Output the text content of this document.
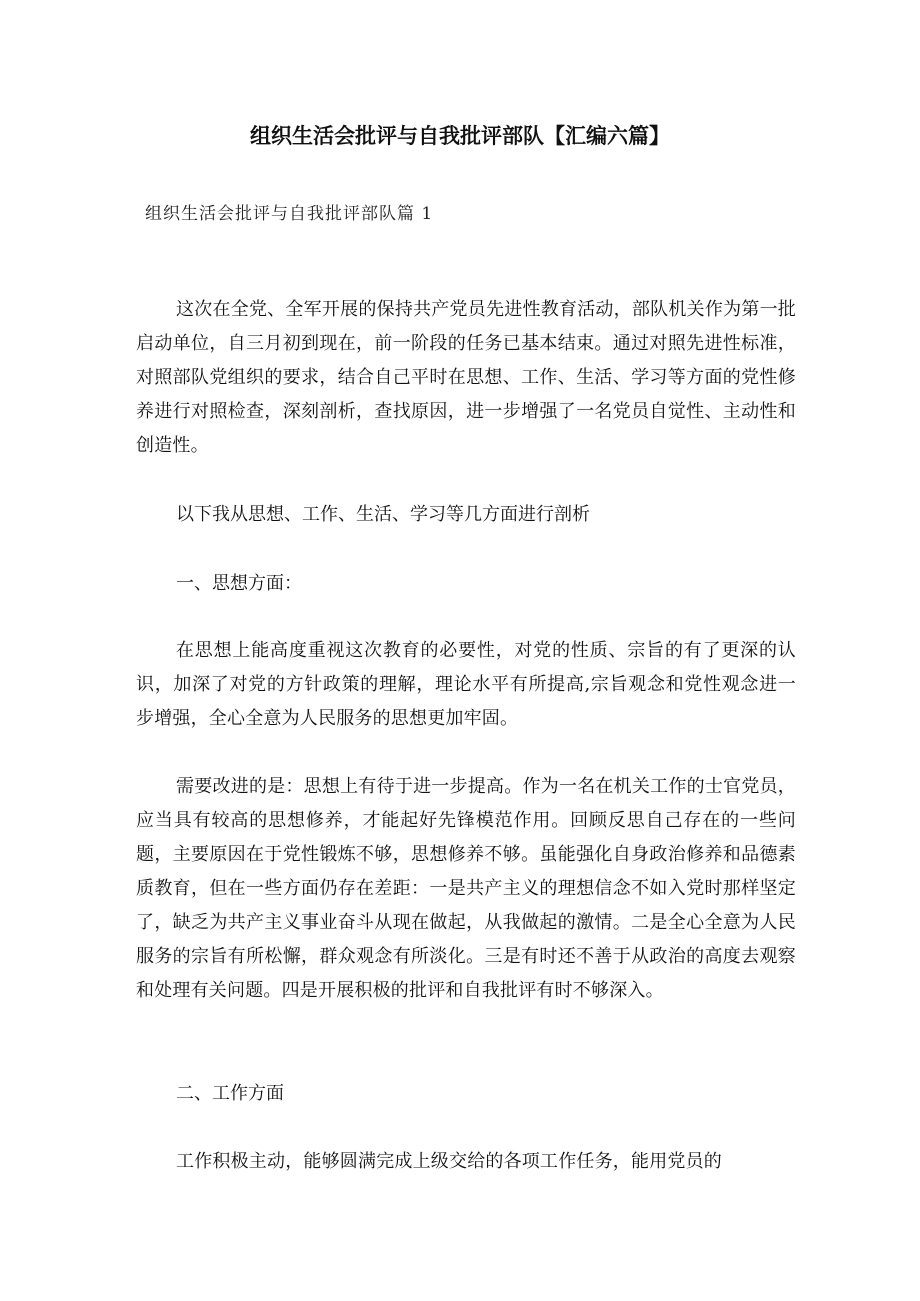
组织生活会批评与自我批评部队【汇编六篇】
组织生活会批评与自我批评部队篇 1
这次在全党、全军开展的保持共产党员先进性教育活动，部队机关作为第一批启动单位，自三月初到现在，前一阶段的任务已基本结束。通过对照先进性标准，对照部队党组织的要求，结合自己平时在思想、工作、生活、学习等方面的党性修养进行对照检查，深刻剖析，查找原因，进一步增强了一名党员自觉性、主动性和创造性。
以下我从思想、工作、生活、学习等几方面进行剖析
一、思想方面：
在思想上能高度重视这次教育的必要性，对党的性质、宗旨的有了更深的认识，加深了对党的方针政策的理解，理论水平有所提高,宗旨观念和党性观念进一步增强，全心全意为人民服务的思想更加牢固。
需要改进的是：思想上有待于进一步提高。作为一名在机关工作的士官党员，应当具有较高的思想修养，才能起好先锋模范作用。回顾反思自己存在的一些问题，主要原因在于党性锻炼不够，思想修养不够。虽能强化自身政治修养和品德素质教育，但在一些方面仍存在差距：一是共产主义的理想信念不如入党时那样坚定了，缺乏为共产主义事业奋斗从现在做起，从我做起的激情。二是全心全意为人民服务的宗旨有所松懈，群众观念有所淡化。三是有时还不善于从政治的高度去观察和处理有关问题。四是开展积极的批评和自我批评有时不够深入。
二、工作方面
工作积极主动，能够圆满完成上级交给的各项工作任务，能用党员的
